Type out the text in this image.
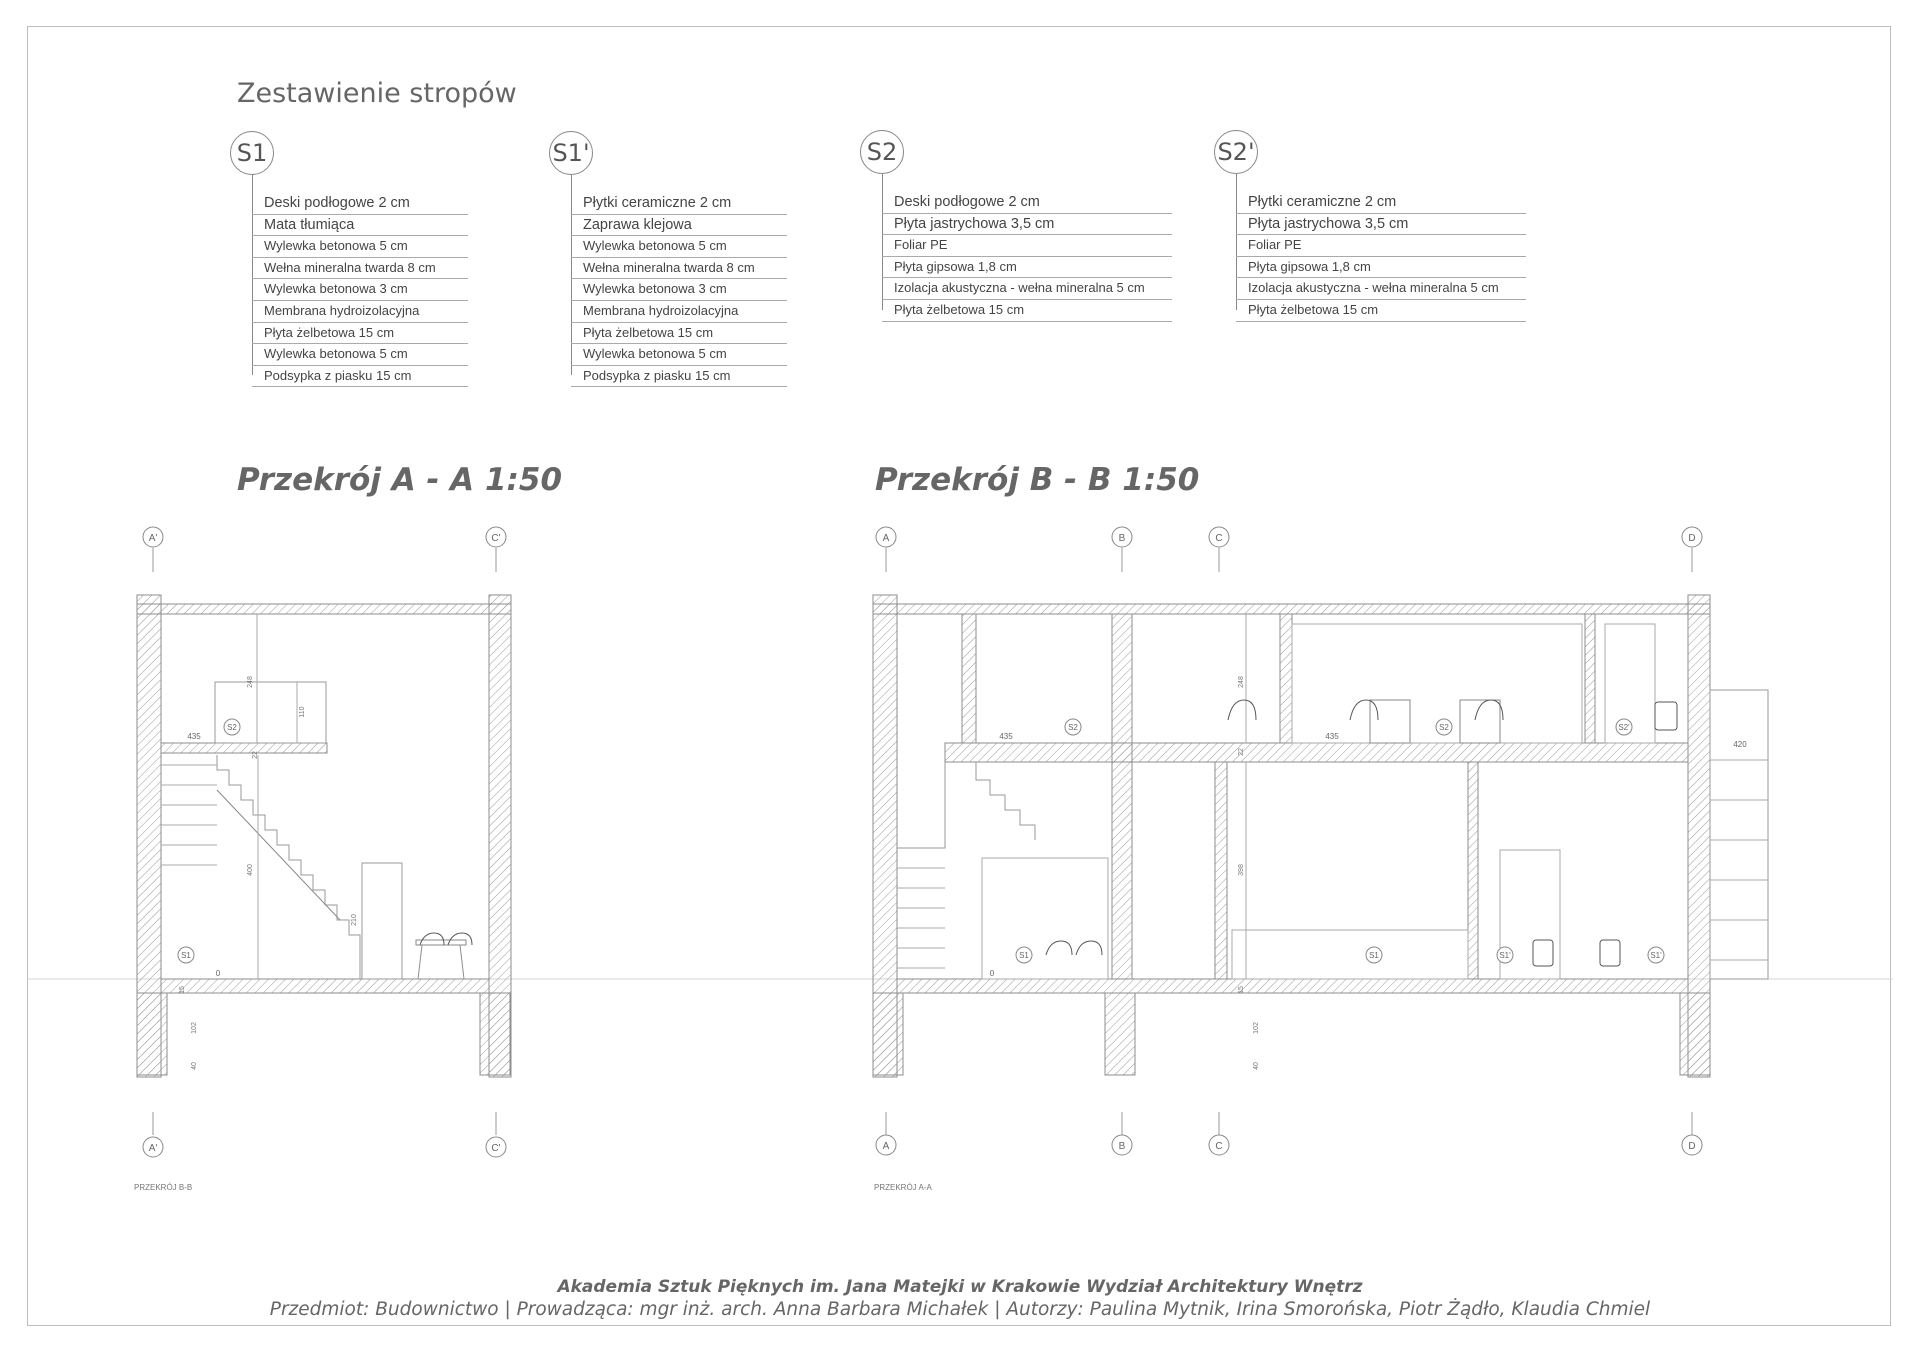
Zestawienie stropów
S1
Deski podłogowe 2 cm
Mata tłumiąca
Wylewka betonowa 5 cm
Wełna mineralna twarda 8 cm
Wylewka betonowa 3 cm
Membrana hydroizolacyjna
Płyta żelbetowa 15 cm
Wylewka betonowa 5 cm
Podsypka z piasku 15 cm
S1'
Płytki ceramiczne 2 cm
Zaprawa klejowa
Wylewka betonowa 5 cm
Wełna mineralna twarda 8 cm
Wylewka betonowa 3 cm
Membrana hydroizolacyjna
Płyta żelbetowa 15 cm
Wylewka betonowa 5 cm
Podsypka z piasku 15 cm
S2
Deski podłogowe 2 cm
Płyta jastrychowa 3,5 cm
Foliar PE
Płyta gipsowa 1,8 cm
Izolacja akustyczna - wełna mineralna 5 cm
Płyta żelbetowa 15 cm
S2'
Płytki ceramiczne 2 cm
Płyta jastrychowa 3,5 cm
Foliar PE
Płyta gipsowa 1,8 cm
Izolacja akustyczna - wełna mineralna 5 cm
Płyta żelbetowa 15 cm
Przekrój A - A 1:50	Przekrój B - B 1:50
A'	C'
A'	C'
A	B	C	D
A	B	C	D
S2
S1
S2	S2	S2'
S1	S1	S1'	S1'
435
0
435	435
420
0
248
110
22
400
210
15
102
40
248
22
398
15
102
40
PRZEKRÓJ B-B	PRZEKRÓJ A-A
Akademia Sztuk Pięknych im. Jana Matejki w Krakowie Wydział Architektury Wnętrz
Przedmiot: Budownictwo | Prowadząca: mgr inż. arch. Anna Barbara Michałek | Autorzy: Paulina Mytnik, Irina Smorońska, Piotr Żądło, Klaudia Chmiel
